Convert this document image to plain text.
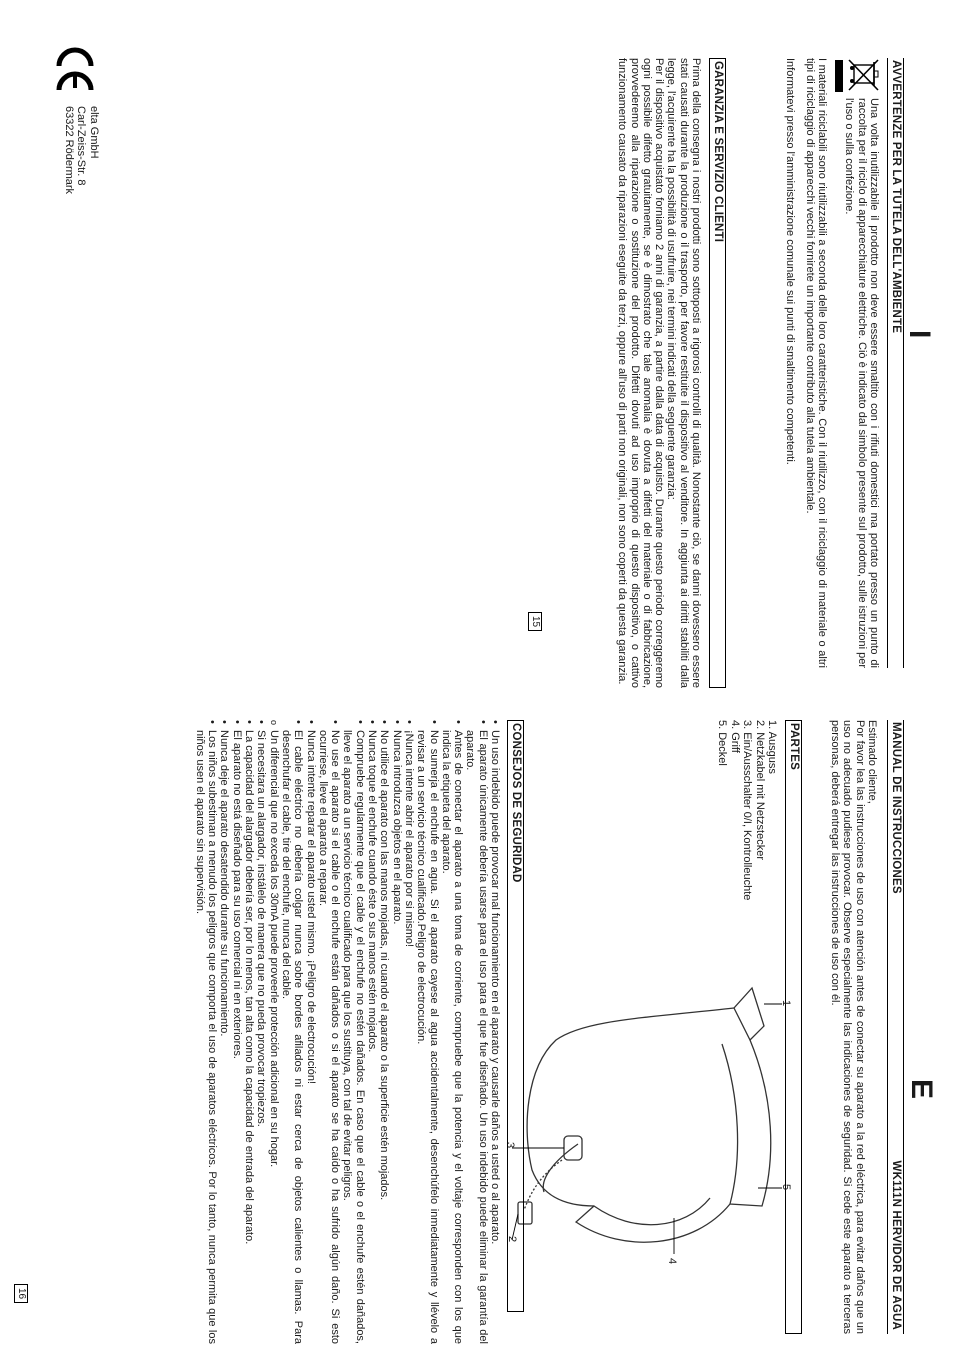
I
AVVERTENZE PER LA TUTELA DELL'AMBIENTE

Una volta inutilizzabile il prodotto non deve essere smaltito con i rifiuti domestici ma portato presso un punto di raccolta per il riciclo di apparecchiature elettriche. Ciò è indicato dal simbolo presente sul prodotto, sulle istruzioni per l'uso o sulla confezione.

I materiali riciclabili sono riutilizzabili a seconda delle loro caratteristiche. Con il riutilizzo, con il riciclaggio di materiale o altri tipi di riciclaggio di apparecchi vecchi fornirete un importante contributo alla tutela ambientale.

Informatevi presso l'amministrazione comunale sui punti di smaltimento competenti.

GARANZIA E SERVIZIO CLIENTI

Prima della consegna i nostri prodotti sono sottoposti a rigorosi controlli di qualità. Nonostante ciò, se danni dovessero essere stati causati durante la produzione o il trasporto, per favore restituite il dispositivo al venditore. In aggiunta ai diritti stabiliti dalla legge, l'acquirente ha la possibilità di usufruire, nei termini indicati della seguente garanzia:

Per il dispositivo acquistato forniamo 2 anni di garanzia, a partire dalla data di acquisto. Durante questo periodo correggeremo ogni possibile difetto gratuitamente, se è dimostrato che tale anomalia è dovuta a difetti del materiale o di fabbricazione, provvederemo alla riparazione o sostituzione del prodotto. Difetti dovuti ad uso improprio di questo dispositivo, o cattivo funzionamento causato da riparazioni eseguite da terzi, oppure all'uso di parti non originali, non sono coperti da questa garanzia.

15
elta GmbH
Carl-Zeiss-Str. 8
63322 Rödermark
E
MANUAL DE INSTRUCCIONES
WK111N HERVIDOR DE AGUA

Estimado cliente,

Por favor lea las instrucciones de uso con atención antes de conectar su aparato a la red eléctrica, para evitar daños que un uso no adecuado pudiese provocar. Observe especialmente las indicaciones de seguridad. Si cede este aparato a terceras personas, deberá entregar las instrucciones de uso con él.

PARTES
1. Ausguss
2. Netzkabel mit Netzstecker
3. Ein/Ausschalter 0/I, Kontrolleuchte
4. Griff
5. Deckel
1
5
4
3
2
CONSEJOS DE SEGURIDAD
• Un uso indebido puede provocar mal funcionamiento en el aparato y causarle daños a usted o al aparato.
• El aparato únicamente debería usarse para el uso para el que fue diseñado. Un uso indebido puede eliminar la garantía del aparato.
• Antes de conectar el aparato a una toma de corriente, compruebe que la potencia y el voltaje corresponden con los que indica la etiqueta del aparato.
• No sumerja el enchufe en agua. Si el aparato cayese al agua accidentalmente, desenchúfelo inmediatamente y llévelo a revisar a un servicio técnico cualificado.Peligro de electrocución.
• ¡Nunca intente abrir el aparato por si mismo!
• Nunca introduzca objetos en el aparato.
• No utilice el aparato con las manos mojadas, ni cuando el aparato o la superficie estén mojados.
• Nunca toque el enchufe cuando éste o sus manos estén mojados.
• Compruebe regularmente que el cable y el enchufe no estén dañados. En caso que el cable o el enchufe estén dañados, lleve el aparato a un servicio técnico cualificado para que los sustituya, con tal de evitar peligros.
• No use el aparato si el cable o el enchufe están dañados o si el aparato se ha caído o ha sufrido algún daño. Si esto ocurriese, lleve el aparato a reparar.
• Nunca intente reparar el aparato usted mismo. ¡Peligro de electrocución!
• El cable eléctrico no debería colgar nunca sobre bordes afilados ni estar cerca de objetos calientes o llamas. Para desenchufar el cable, tire del enchufe, nunca del cable.
o Un diferencial que no exceda los 30mA puede proveerle protección adicional en su hogar.
• Si necesitara un alargador, instálelo de manera que no pueda provocar tropiezos.
• La capacidad del alargador debería ser, por lo menos, tan alta como la capacidad de entrada del aparato.
• El aparato no está diseñado para su uso comercial ni en exteriores.
• Nunca deje el aparato desatendido durante su funcionamiento.
• Los niños subestiman a menudo los peligros que comporta el uso de aparatos eléctricos. Por lo tanto, nunca permita que los niños usen el aparato sin supervisión.
16
